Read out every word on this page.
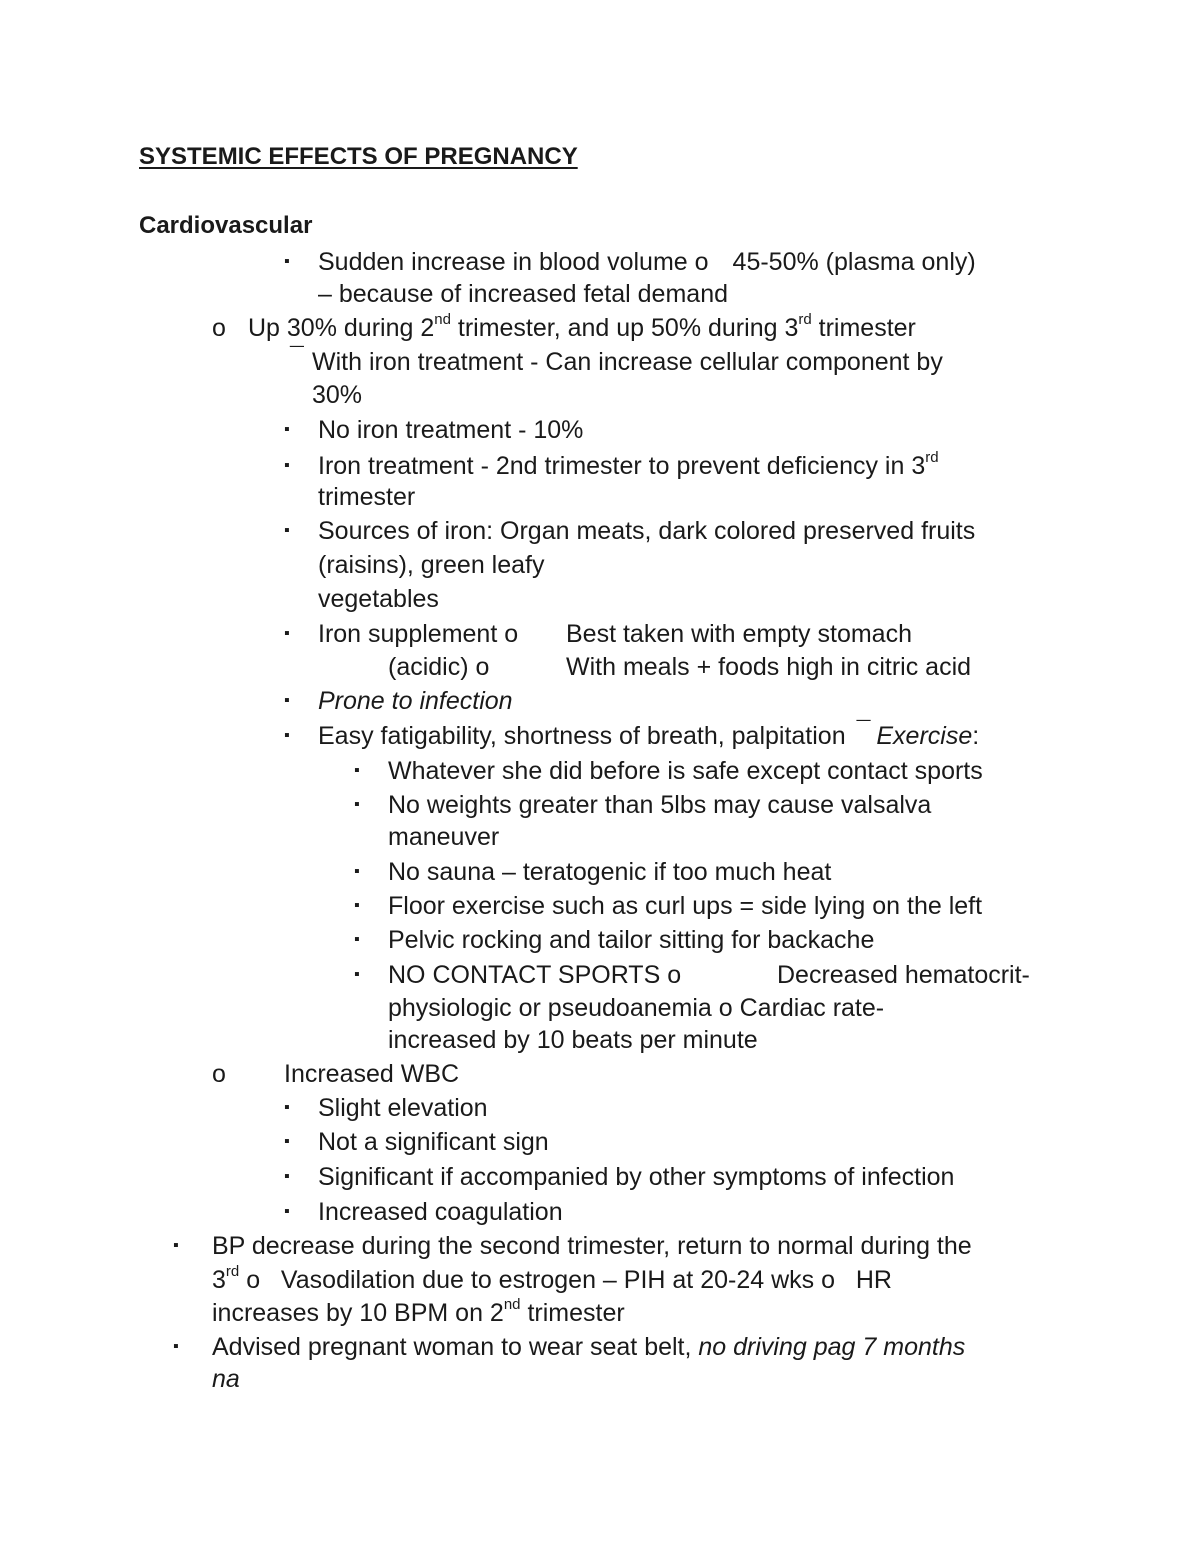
SYSTEMIC EFFECTS OF PREGNANCY
Cardiovascular
▪ Sudden increase in blood volume o 45-50% (plasma only)
– because of increased fetal demand
o Up 30% during 2nd trimester, and up 50% during 3rd trimester
¯ With iron treatment - Can increase cellular component by
30%
▪ No iron treatment - 10%
▪ Iron treatment - 2nd trimester to prevent deficiency in 3rd
trimester
▪ Sources of iron: Organ meats, dark colored preserved fruits
(raisins), green leafy
vegetables
▪ Iron supplement o Best taken with empty stomach
(acidic) o	With meals + foods high in citric acid
▪ Prone to infection
▪ Easy fatigability, shortness of breath, palpitation ¯ Exercise:
▪ Whatever she did before is safe except contact sports
▪ No weights greater than 5lbs may cause valsalva
maneuver
▪ No sauna – teratogenic if too much heat
▪ Floor exercise such as curl ups = side lying on the left
▪ Pelvic rocking and tailor sitting for backache
▪ NO CONTACT SPORTS o	Decreased hematocrit-
physiologic or pseudoanemia o Cardiac rate-
increased by 10 beats per minute
o Increased WBC
▪ Slight elevation
▪ Not a significant sign
▪ Significant if accompanied by other symptoms of infection
▪ Increased coagulation
▪ BP decrease during the second trimester, return to normal during the
3rd o   Vasodilation due to estrogen – PIH at 20-24 wks o   HR
increases by 10 BPM on 2nd trimester
▪ Advised pregnant woman to wear seat belt, no driving pag 7 months
na
